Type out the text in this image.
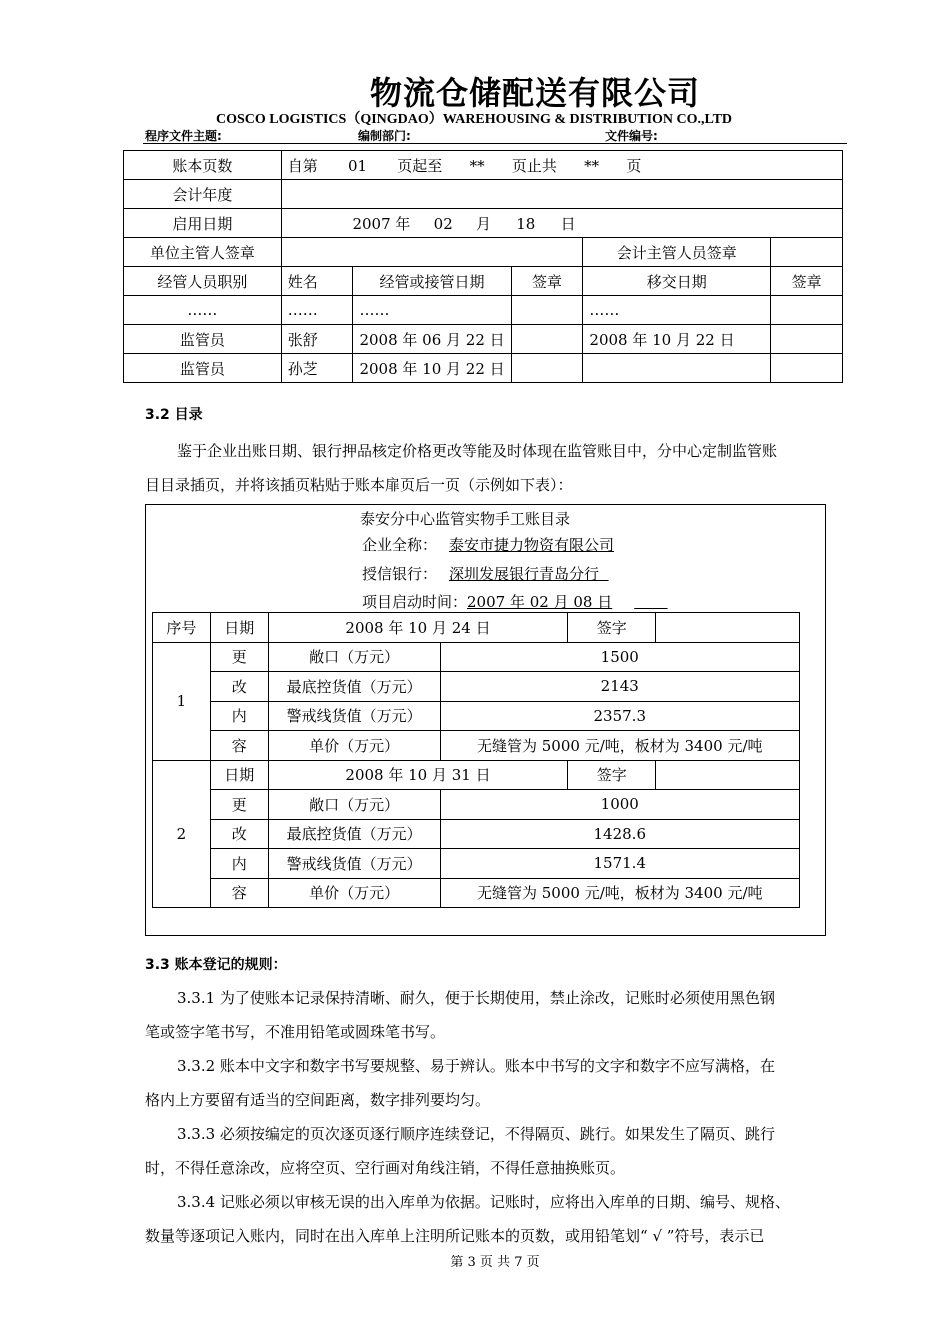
物流仓储配送有限公司
COSCO LOGISTICS（QINGDAO）WAREHOUSING & DISTRIBUTION CO.,LTD
程序文件主题:	编制部门:	文件编号:
账本页数	自第 01 页起至 ** 页止共 ** 页				
会计年度					
启用日期	2007 年 02 月 18 日				
单位主管人签章				会计主管人员签章	
经管人员职别	姓名	经管或接管日期	签章	移交日期	签章
……	……	……		……	
监管员	张舒	2008 年 06 月 22 日		2008 年 10 月 22 日	
监管员	孙芝	2008 年 10 月 22 日			
3.2 目录
鉴于企业出账日期、银行押品核定价格更改等能及时体现在监管账目中，分中心定制监管账
目目录插页，并将该插页粘贴于账本扉页后一页（示例如下表）：
泰安分中心监管实物手工账目录
企业全称： 泰安市捷力物资有限公司
授信银行： 深圳发展银行青岛分行
项目启动时间：2007 年 02 月 08 日
序号	日期	2008 年 10 月 24 日		签字	
1	更	敞口（万元）	1500		
	改	最底控货值（万元）	2143		
	内	警戒线货值（万元）	2357.3		
	容	单价（万元）	无缝管为 5000 元/吨，板材为 3400 元/吨		
2	日期	2008 年 10 月 31 日		签字	
	更	敞口（万元）	1000		
	改	最底控货值（万元）	1428.6		
	内	警戒线货值（万元）	1571.4		
	容	单价（万元）	无缝管为 5000 元/吨，板材为 3400 元/吨		
3.3 账本登记的规则：
3.3.1 为了使账本记录保持清晰、耐久，便于长期使用，禁止涂改，记账时必须使用黑色钢
笔或签字笔书写，不准用铅笔或圆珠笔书写。
3.3.2 账本中文字和数字书写要规整、易于辨认。账本中书写的文字和数字不应写满格，在
格内上方要留有适当的空间距离，数字排列要均匀。
3.3.3 必须按编定的页次逐页逐行顺序连续登记，不得隔页、跳行。如果发生了隔页、跳行
时，不得任意涂改，应将空页、空行画对角线注销，不得任意抽换账页。
3.3.4 记账必须以审核无误的出入库单为依据。记账时，应将出入库单的日期、编号、规格、
数量等逐项记入账内，同时在出入库单上注明所记账本的页数，或用铅笔划“ √ ”符号，表示已
第 3 页 共 7 页
